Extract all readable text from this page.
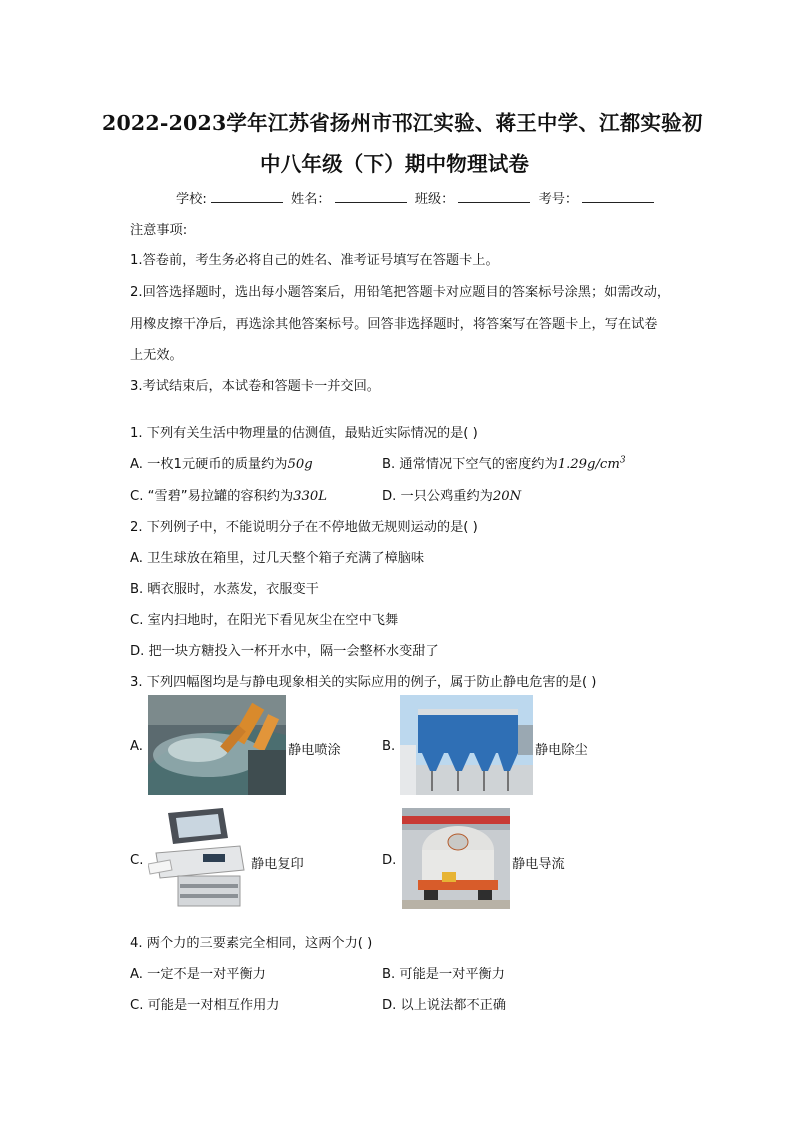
2022-2023学年江苏省扬州市邗江实验、蒋王中学、江都实验初
中八年级（下）期中物理试卷
学校:	姓名：	班级：	考号：
注意事项:
1.答卷前，考生务必将自己的姓名、准考证号填写在答题卡上。
2.回答选择题时，选出每小题答案后，用铅笔把答题卡对应题目的答案标号涂黑；如需改动，
用橡皮擦干净后，再选涂其他答案标号。回答非选择题时，将答案写在答题卡上，写在试卷
上无效。
3.考试结束后，本试卷和答题卡一并交回。
1. 下列有关生活中物理量的估测值，最贴近实际情况的是( )
A. 一枚1元硬币的质量约为50g	B. 通常情况下空气的密度约为$1.29g/cm^3$
C. “雪碧”易拉罐的容积约为330L	D. 一只公鸡重约为20N
2. 下列例子中，不能说明分子在不停地做无规则运动的是( )
A. 卫生球放在箱里，过几天整个箱子充满了樟脑味
B. 晒衣服时，水蒸发，衣服变干
C. 室内扫地时，在阳光下看见灰尘在空中飞舞
D. 把一块方糖投入一杯开水中，隔一会整杯水变甜了
3. 下列四幅图均是与静电现象相关的实际应用的例子，属于防止静电危害的是( )
A.	静电喷涂	B.	静电除尘
C.	静电复印	D.	静电导流
4. 两个力的三要素完全相同，这两个力( )
A. 一定不是一对平衡力	B. 可能是一对平衡力
C. 可能是一对相互作用力	D. 以上说法都不正确
